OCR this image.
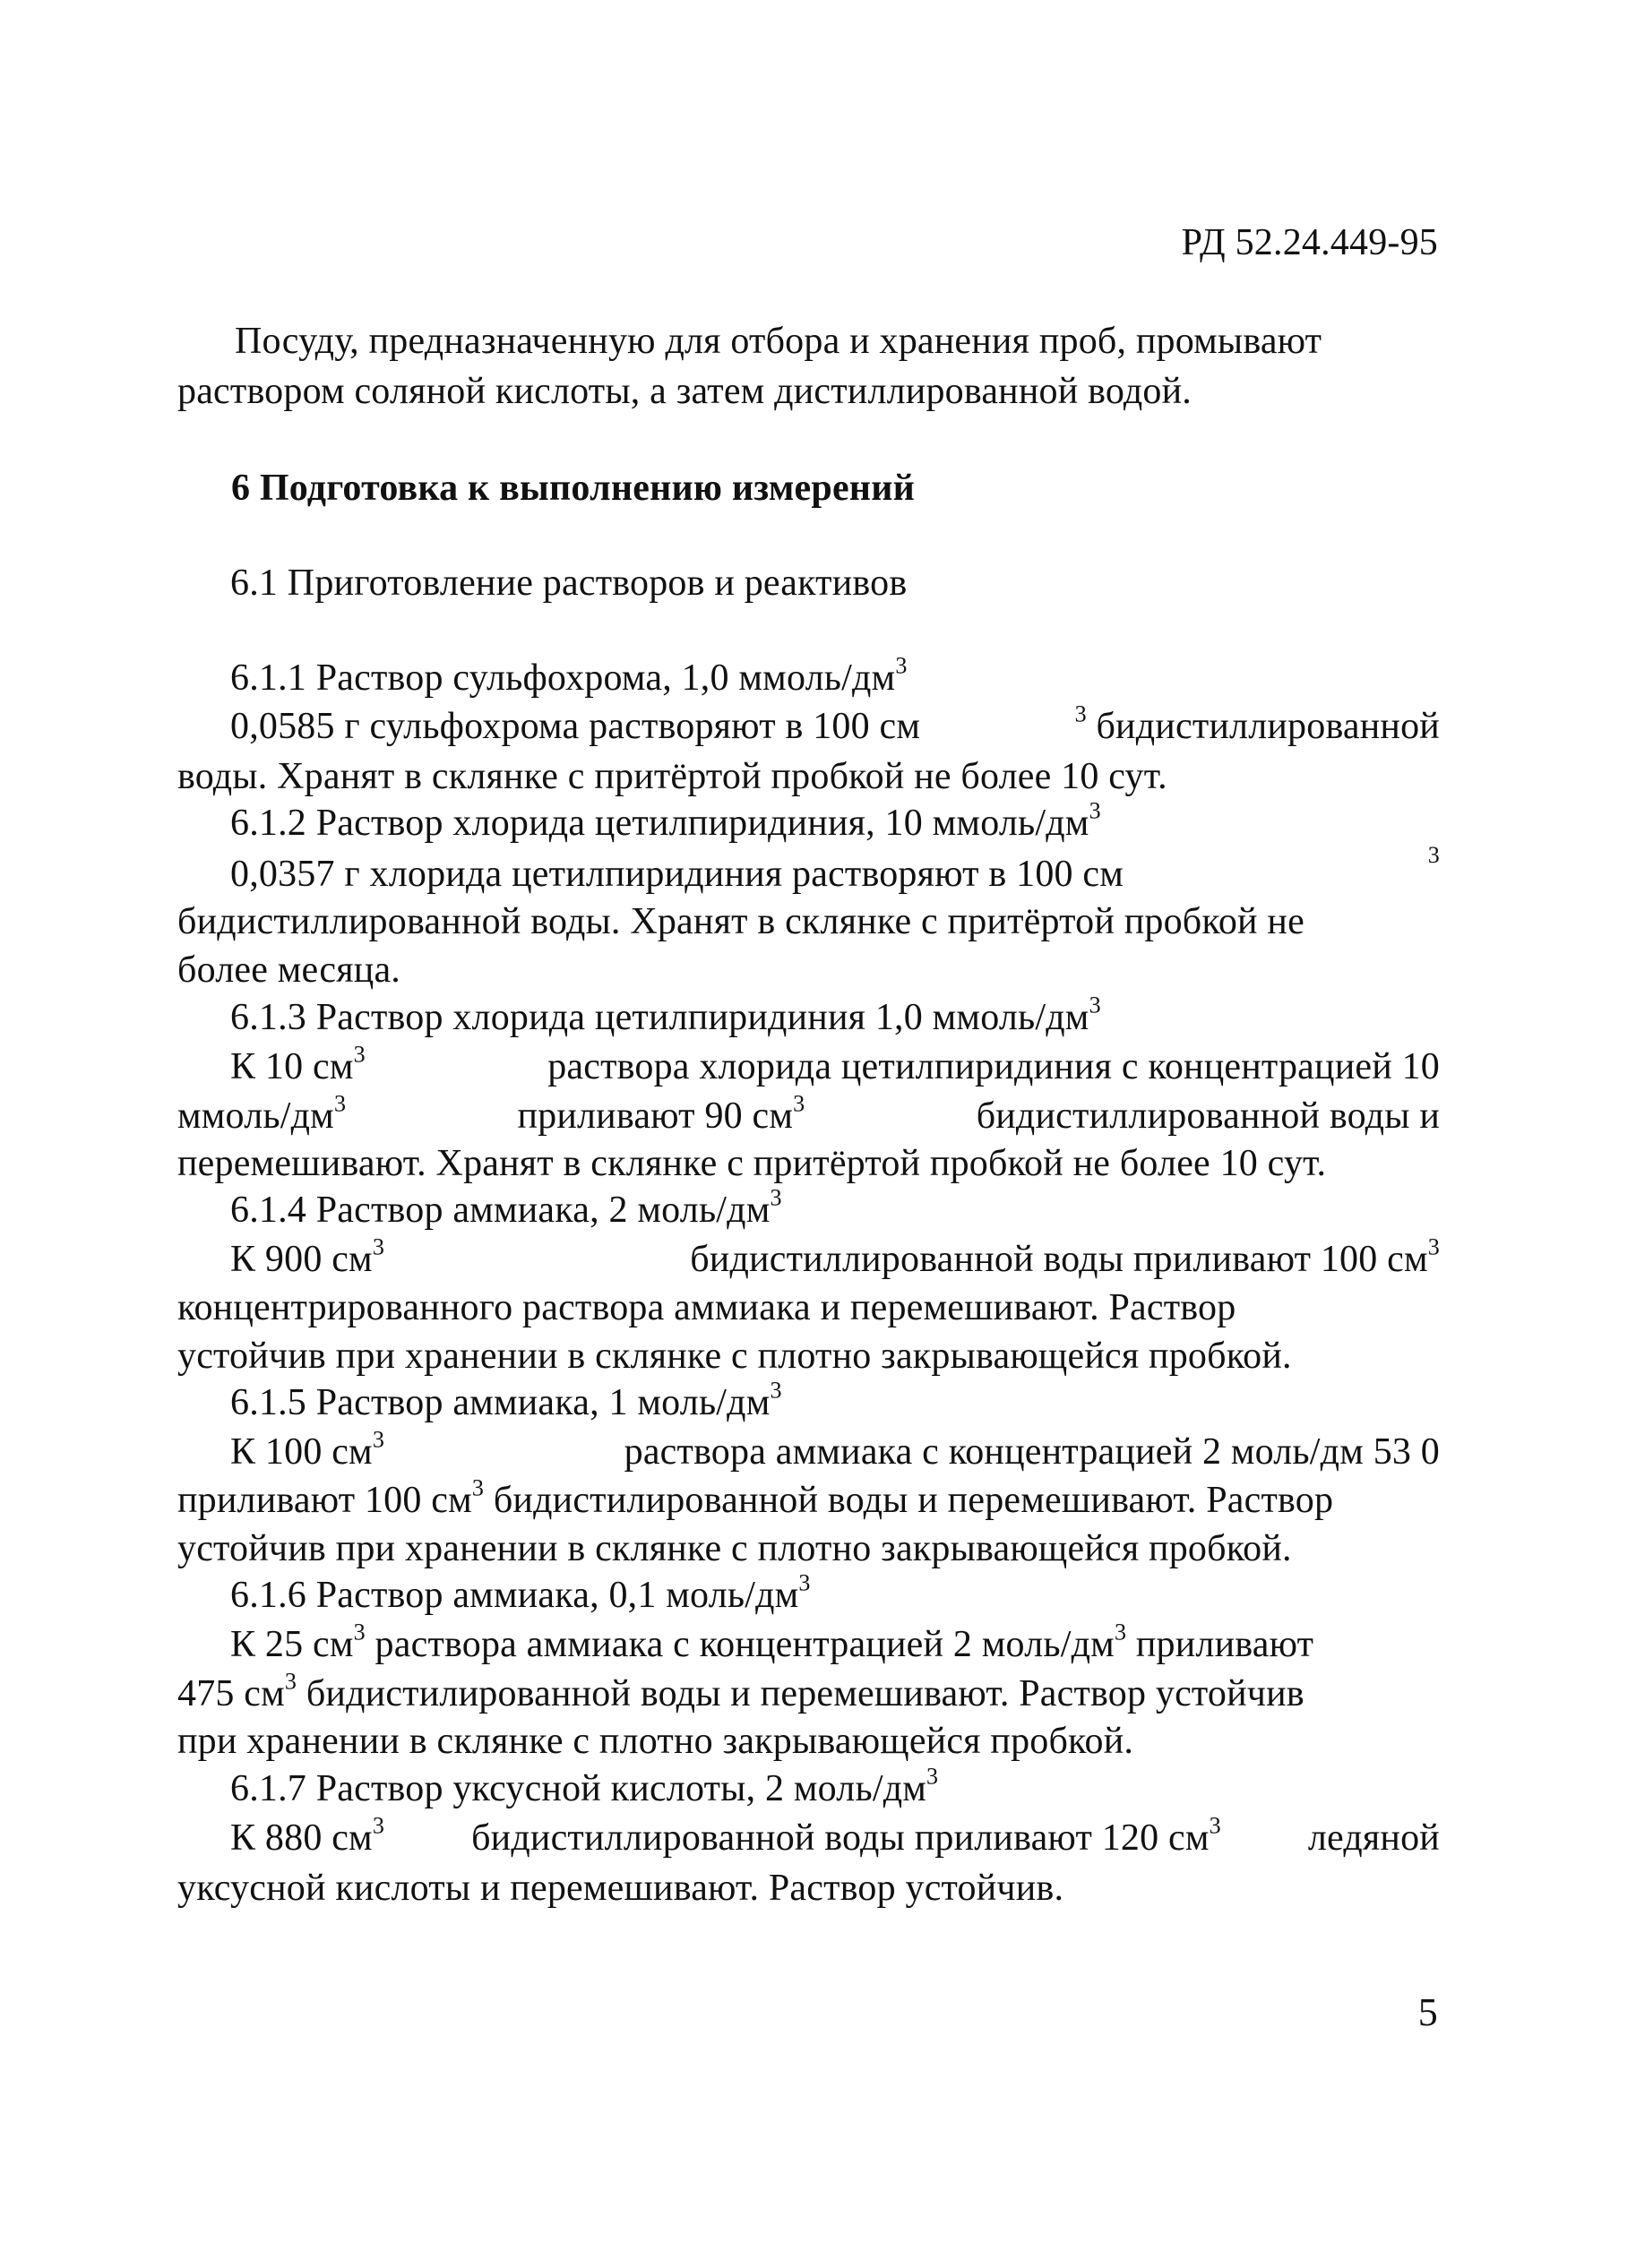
РД 52.24.449-95
Посуду, предназначенную для отбора и хранения проб, промывают
раствором соляной кислоты, а затем дистиллированной водой.
6 Подготовка к выполнению измерений
6.1 Приготовление растворов и реактивов
6.1.1 Раствор сульфохрома, 1,0 ммоль/$дм^3$
0,0585 г сульфохрома растворяют в 100 см	$^3$ бидистиллированной
воды. Хранят в склянке с притёртой пробкой не более 10 сут.
6.1.2 Раствор хлорида цетилпиридиния, 10 ммоль/$дм^3$
0,0357 г хлорида цетилпиридиния растворяют в 100 см	3
бидистиллированной воды. Хранят в склянке с притёртой пробкой не
более месяца.
6.1.3 Раствор хлорида цетилпиридиния 1,0 ммоль/$дм^3$
К 10 $см^3$	раствора хлорида цетилпиридиния с концентрацией 10
ммоль/$дм^3$	приливают 90 $см^3$	бидистиллированной воды и
перемешивают. Хранят в склянке с притёртой пробкой не более 10 сут.
6.1.4 Раствор аммиака, 2 моль/$дм^3$
К 900 $см^3$	бидистиллированной воды приливают 100 $см^3$
концентрированного раствора аммиака и перемешивают. Раствор
устойчив при хранении в склянке с плотно закрывающейся пробкой.
6.1.5 Раствор аммиака, 1 моль/$дм^3$
К 100 $см^3$	раствора аммиака с концентрацией 2 моль/дм 53 0
приливают 100 $см^3$ бидистилированной воды и перемешивают. Раствор
устойчив при хранении в склянке с плотно закрывающейся пробкой.
6.1.6 Раствор аммиака, 0,1 моль/$дм^3$
К 25 $см^3$ раствора аммиака с концентрацией 2 моль/$дм^3$ приливают
475 $см^3$ бидистилированной воды и перемешивают. Раствор устойчив
при хранении в склянке с плотно закрывающейся пробкой.
6.1.7 Раствор уксусной кислоты, 2 моль/$дм^3$
К 880 $см^3$ бидистиллированной воды приливают 120 $см^3$ ледяной
уксусной кислоты и перемешивают. Раствор устойчив.
5
